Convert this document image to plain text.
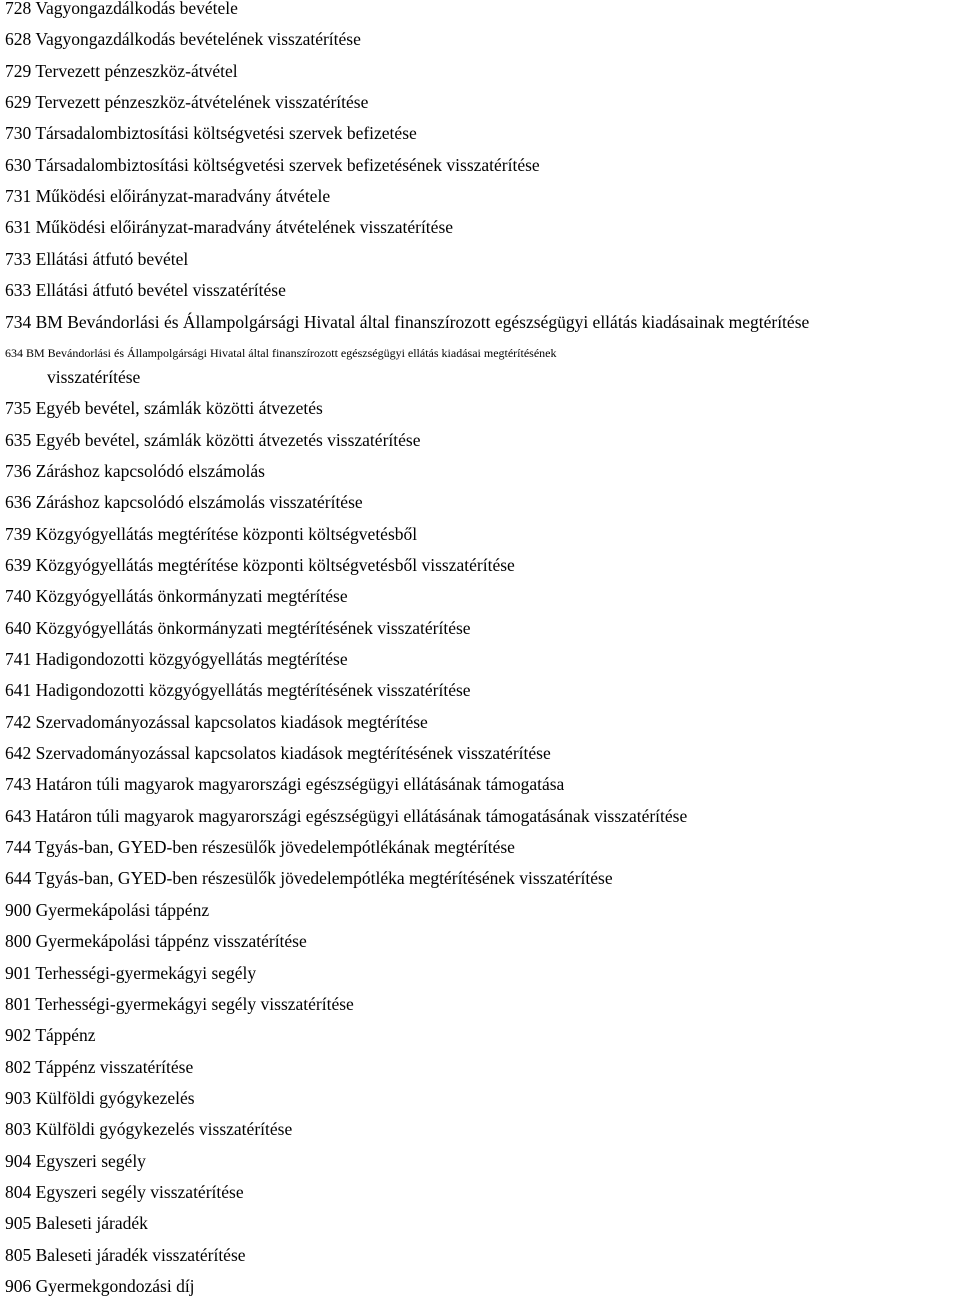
728 Vagyongazdálkodás bevétele
628 Vagyongazdálkodás bevételének visszatérítése
729 Tervezett pénzeszköz-átvétel
629 Tervezett pénzeszköz-átvételének visszatérítése
730 Társadalombiztosítási költségvetési szervek befizetése
630 Társadalombiztosítási költségvetési szervek befizetésének visszatérítése
731 Működési előirányzat-maradvány átvétele
631 Működési előirányzat-maradvány átvételének visszatérítése
733 Ellátási átfutó bevétel
633 Ellátási átfutó bevétel visszatérítése
734 BM Bevándorlási és Állampolgársági Hivatal által finanszírozott egészségügyi ellátás kiadásainak megtérítése
634 BM Bevándorlási és Állampolgársági Hivatal által finanszírozott egészségügyi ellátás kiadásai megtérítésének
visszatérítése
735 Egyéb bevétel, számlák közötti átvezetés
635 Egyéb bevétel, számlák közötti átvezetés visszatérítése
736 Záráshoz kapcsolódó elszámolás
636 Záráshoz kapcsolódó elszámolás visszatérítése
739 Közgyógyellátás megtérítése központi költségvetésből
639 Közgyógyellátás megtérítése központi költségvetésből visszatérítése
740 Közgyógyellátás önkormányzati megtérítése
640 Közgyógyellátás önkormányzati megtérítésének visszatérítése
741 Hadigondozotti közgyógyellátás megtérítése
641 Hadigondozotti közgyógyellátás megtérítésének visszatérítése
742 Szervadományozással kapcsolatos kiadások megtérítése
642 Szervadományozással kapcsolatos kiadások megtérítésének visszatérítése
743 Határon túli magyarok magyarországi egészségügyi ellátásának támogatása
643 Határon túli magyarok magyarországi egészségügyi ellátásának támogatásának visszatérítése
744 Tgyás-ban, GYED-ben részesülők jövedelempótlékának megtérítése
644 Tgyás-ban, GYED-ben részesülők jövedelempótléka megtérítésének visszatérítése
900 Gyermekápolási táppénz
800 Gyermekápolási táppénz visszatérítése
901 Terhességi-gyermekágyi segély
801 Terhességi-gyermekágyi segély visszatérítése
902 Táppénz
802 Táppénz visszatérítése
903 Külföldi gyógykezelés
803 Külföldi gyógykezelés visszatérítése
904 Egyszeri segély
804 Egyszeri segély visszatérítése
905 Baleseti járadék
805 Baleseti járadék visszatérítése
906 Gyermekgondozási díj
